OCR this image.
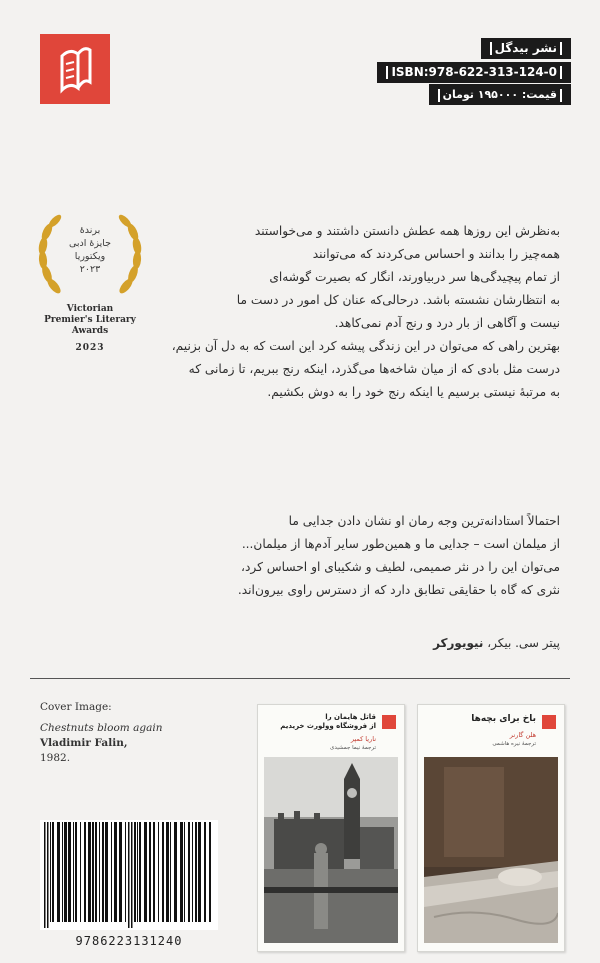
نشر بیدگل
ISBN:978-622-313-124-0
قیمت: ۱۹۵۰۰۰ تومان
برندهٔ
جایزهٔ ادبی
ویکتوریا
۲۰۲۳
Victorian
Premier's Literary
Awards
2023
به‌نظرش این روزها همه عطش دانستن داشتند و می‌خواستند
همه‌چیز را بدانند و احساس می‌کردند که می‌توانند
از تمام پیچیدگی‌ها سر دربیاورند، انگار که بصیرت گوشه‌ای
به انتظارشان نشسته باشد. درحالی‌که عنان کل امور در دست ما
نیست و آگاهی از بار درد و رنج آدم نمی‌کاهد.
بهترین راهی که می‌توان در این زندگی پیشه کرد این است که به دل آن بزنیم،
درست مثل بادی که از میان شاخه‌ها می‌گذرد، اینکه رنج ببریم، تا زمانی که
به مرتبهٔ نیستی برسیم یا اینکه رنج خود را به دوش بکشیم.
احتمالاً استادانه‌ترین وجه رمان او نشان دادن جدایی ما
از میلمان است – جدایی ما و همین‌طور سایر آدم‌ها از میلمان...
می‌توان این را در نثر صمیمی، لطیف و شکیبای او احساس کرد،
نثری که گاه با حقایقی تطابق دارد که از دسترس راوی بیرون‌اند.
پیتر سی. بیکر، نیویورکر
Cover Image:
Chestnuts bloom again
Vladimir Falin,
1982.
9786223131240
قاتل هایمان را
از فروشگاه وولورث خریدیم
ناریا کمپر
ترجمهٔ نیما جمشیدی
باخ برای بچه‌ها
هلن گارنر
ترجمهٔ نیره هاشمی
